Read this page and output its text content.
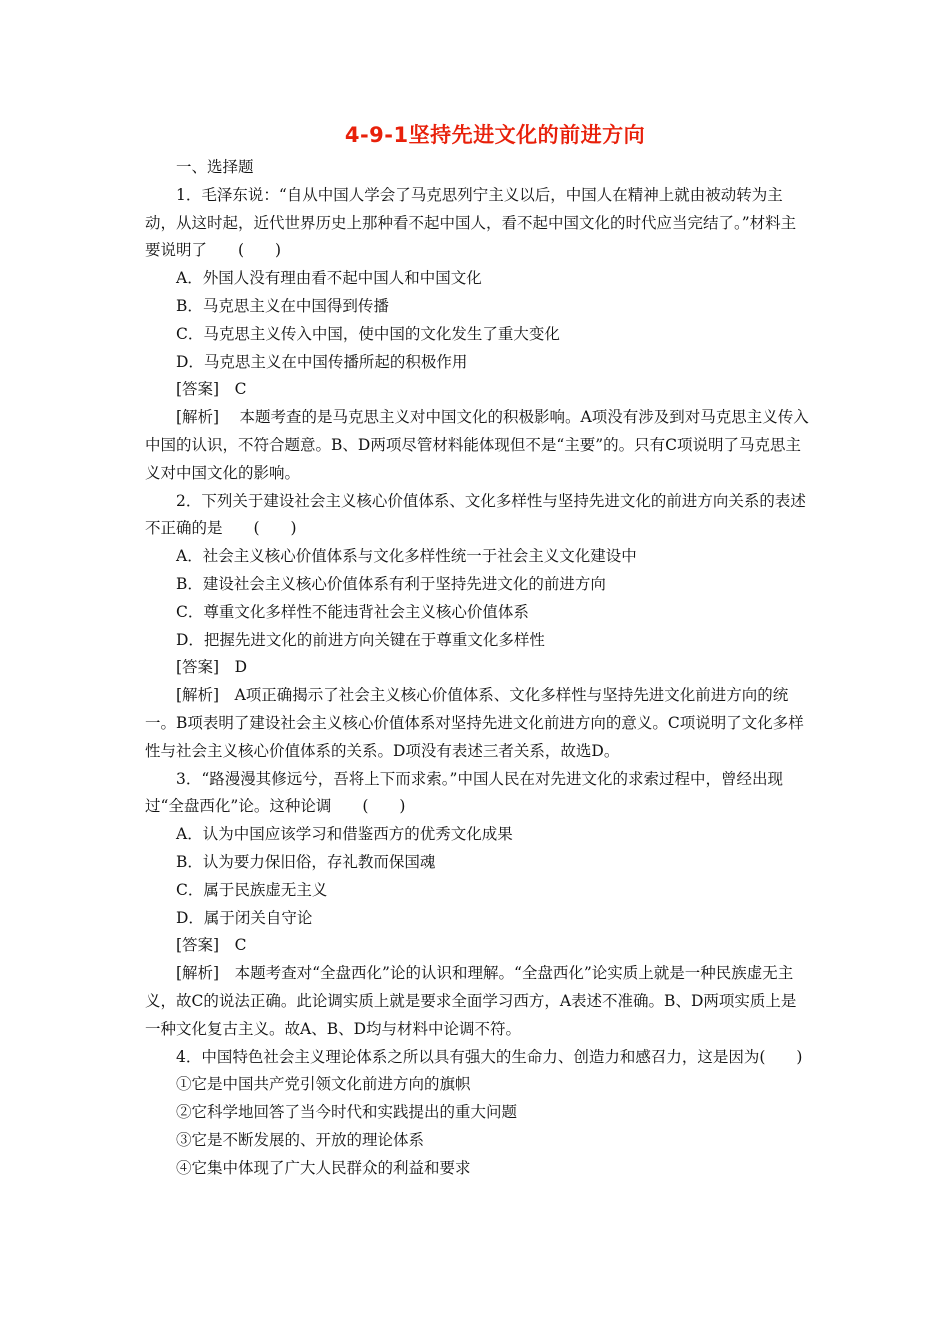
4-9-1坚持先进文化的前进方向

一、选择题

1．毛泽东说：“自从中国人学会了马克思列宁主义以后，中国人在精神上就由被动转为主动，从这时起，近代世界历史上那种看不起中国人，看不起中国文化的时代应当完结了。”材料主要说明了　　(　　)

A．外国人没有理由看不起中国人和中国文化

B．马克思主义在中国得到传播

C．马克思主义传入中国，使中国的文化发生了重大变化

D．马克思主义在中国传播所起的积极作用

[答案]　C

[解析]　 本题考查的是马克思主义对中国文化的积极影响。A项没有涉及到对马克思主义传入中国的认识，不符合题意。B、D两项尽管材料能体现但不是“主要”的。只有C项说明了马克思主义对中国文化的影响。

2．下列关于建设社会主义核心价值体系、文化多样性与坚持先进文化的前进方向关系的表述不正确的是　　(　　)

A．社会主义核心价值体系与文化多样性统一于社会主义文化建设中

B．建设社会主义核心价值体系有利于坚持先进文化的前进方向

C．尊重文化多样性不能违背社会主义核心价值体系

D．把握先进文化的前进方向关键在于尊重文化多样性

[答案]　D

[解析]　A项正确揭示了社会主义核心价值体系、文化多样性与坚持先进文化前进方向的统一。B项表明了建设社会主义核心价值体系对坚持先进文化前进方向的意义。C项说明了文化多样性与社会主义核心价值体系的关系。D项没有表述三者关系，故选D。

3．“路漫漫其修远兮，吾将上下而求索。”中国人民在对先进文化的求索过程中，曾经出现过“全盘西化”论。这种论调　　(　　)

A．认为中国应该学习和借鉴西方的优秀文化成果

B．认为要力保旧俗，存礼教而保国魂

C．属于民族虚无主义

D．属于闭关自守论

[答案]　C

[解析]　本题考查对“全盘西化”论的认识和理解。“全盘西化”论实质上就是一种民族虚无主义，故C的说法正确。此论调实质上就是要求全面学习西方，A表述不准确。B、D两项实质上是一种文化复古主义。故A、B、D均与材料中论调不符。

4．中国特色社会主义理论体系之所以具有强大的生命力、创造力和感召力，这是因为(　　)

①它是中国共产党引领文化前进方向的旗帜

②它科学地回答了当今时代和实践提出的重大问题

③它是不断发展的、开放的理论体系

④它集中体现了广大人民群众的利益和要求
